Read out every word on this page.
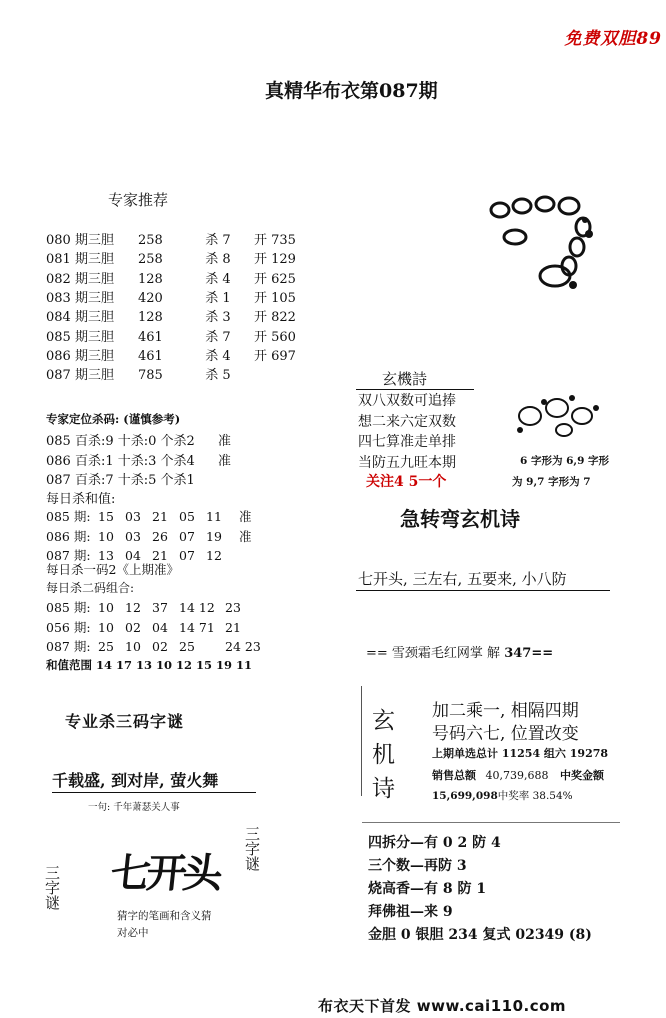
免费双胆89
真精华布衣第087期
专家推荐
080 期三胆 258	杀 7 开 735
081 期三胆 258	杀 8 开 129
082 期三胆 128	杀 4 开 625
083 期三胆 420	杀 1 开 105
084 期三胆 128	杀 3 开 822
085 期三胆 461	杀 7 开 560
086 期三胆 461	杀 4 开 697
087 期三胆 785	杀 5
专家定位杀码: (谨慎参考)
085 百杀:9 十杀:0 个杀2 准
086 百杀:1 十杀:3 个杀4 准
087 百杀:7 十杀:5 个杀1
每日杀和值:
085 期: 15 03 21 05 11 准
086 期: 10 03 26 07 19 准
087 期: 13 04 21 07 12
每日杀一码2《上期准》
每日杀二码组合:
085 期: 10 12 37 14 12 23
056 期: 10 02 04 14 71 21
087 期: 25 10 02 25 24 23
和值范围 14 17 13 10 12 15 19 11
玄機詩
双八双数可追捧
想二来六定双数
四七算准走单排
当防五九旺本期
关注4 5一个
6 字形为 6,9 字形
为 9,7 字形为 7
急转弯玄机诗
七开头, 三左右, 五要来, 小八防
== 雪颈霜毛红网掌 解 347==
专业杀三码字谜
千载盛, 到对岸, 萤火舞
一句: 千年萧瑟关人事
三字谜
三字谜 七开头
猜字的笔画和含义猜
对必中
玄
机
诗
加二乘一, 相隔四期
号码六七, 位置改变
上期单选总计 11254 组六 19278
销售总额 40,739,688 中奖金额
15,699,098中奖率 38.54%
四拆分—有 0 2 防 4
三个数—再防 3
烧高香—有 8 防 1
拜佛祖—来 9
金胆 0 银胆 234 复式 02349 (8)
布衣天下首发 www.cai110.com
